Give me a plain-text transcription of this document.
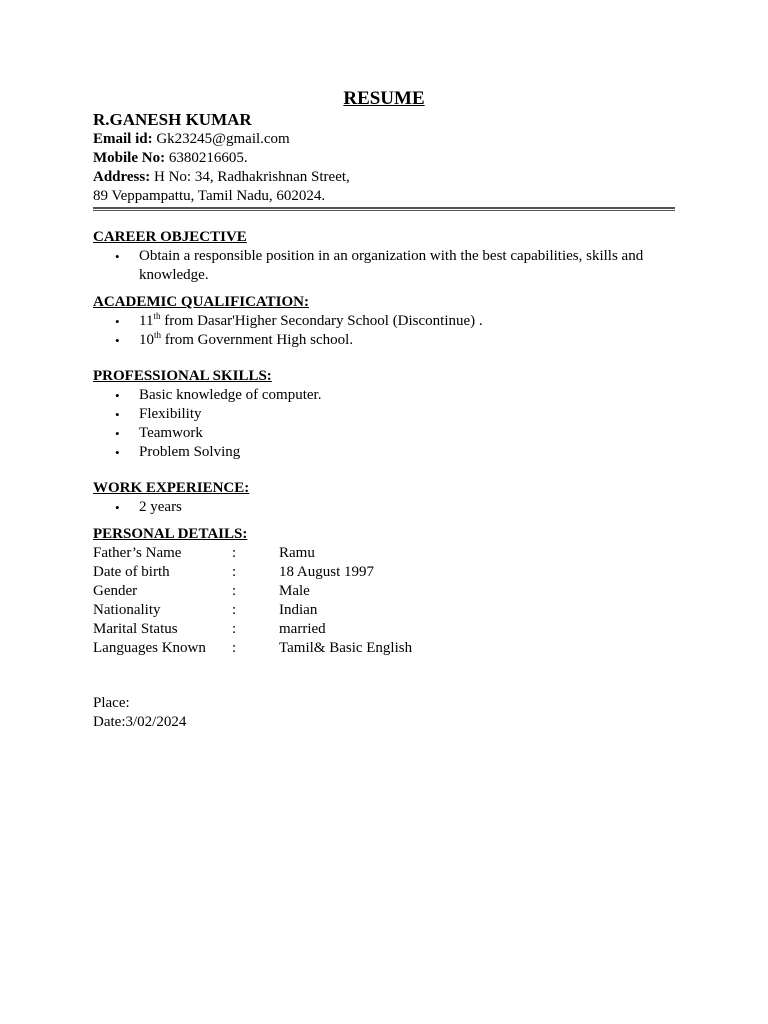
RESUME

R.GANESH KUMAR

Email id: Gk23245@gmail.com

Mobile No: 6380216605.

Address: H No: 34, Radhakrishnan Street,

89 Veppampattu, Tamil Nadu, 602024.

CAREER OBJECTIVE

• Obtain a responsible position in an organization with the best capabilities, skills and knowledge.

ACADEMIC QUALIFICATION:

• 11th from Dasar'Higher Secondary School (Discontinue) .
• 10th from Government High school.

PROFESSIONAL SKILLS:

• Basic knowledge of computer.
• Flexibility
• Teamwork
• Problem Solving

WORK EXPERIENCE:

• 2 years

PERSONAL DETAILS:

Father’s Name	:	Ramu
Date of birth	:	18 August 1997
Gender	:	Male
Nationality	:	Indian
Marital Status	:	married
Languages Known	:	Tamil& Basic English

Place:

Date:3/02/2024
